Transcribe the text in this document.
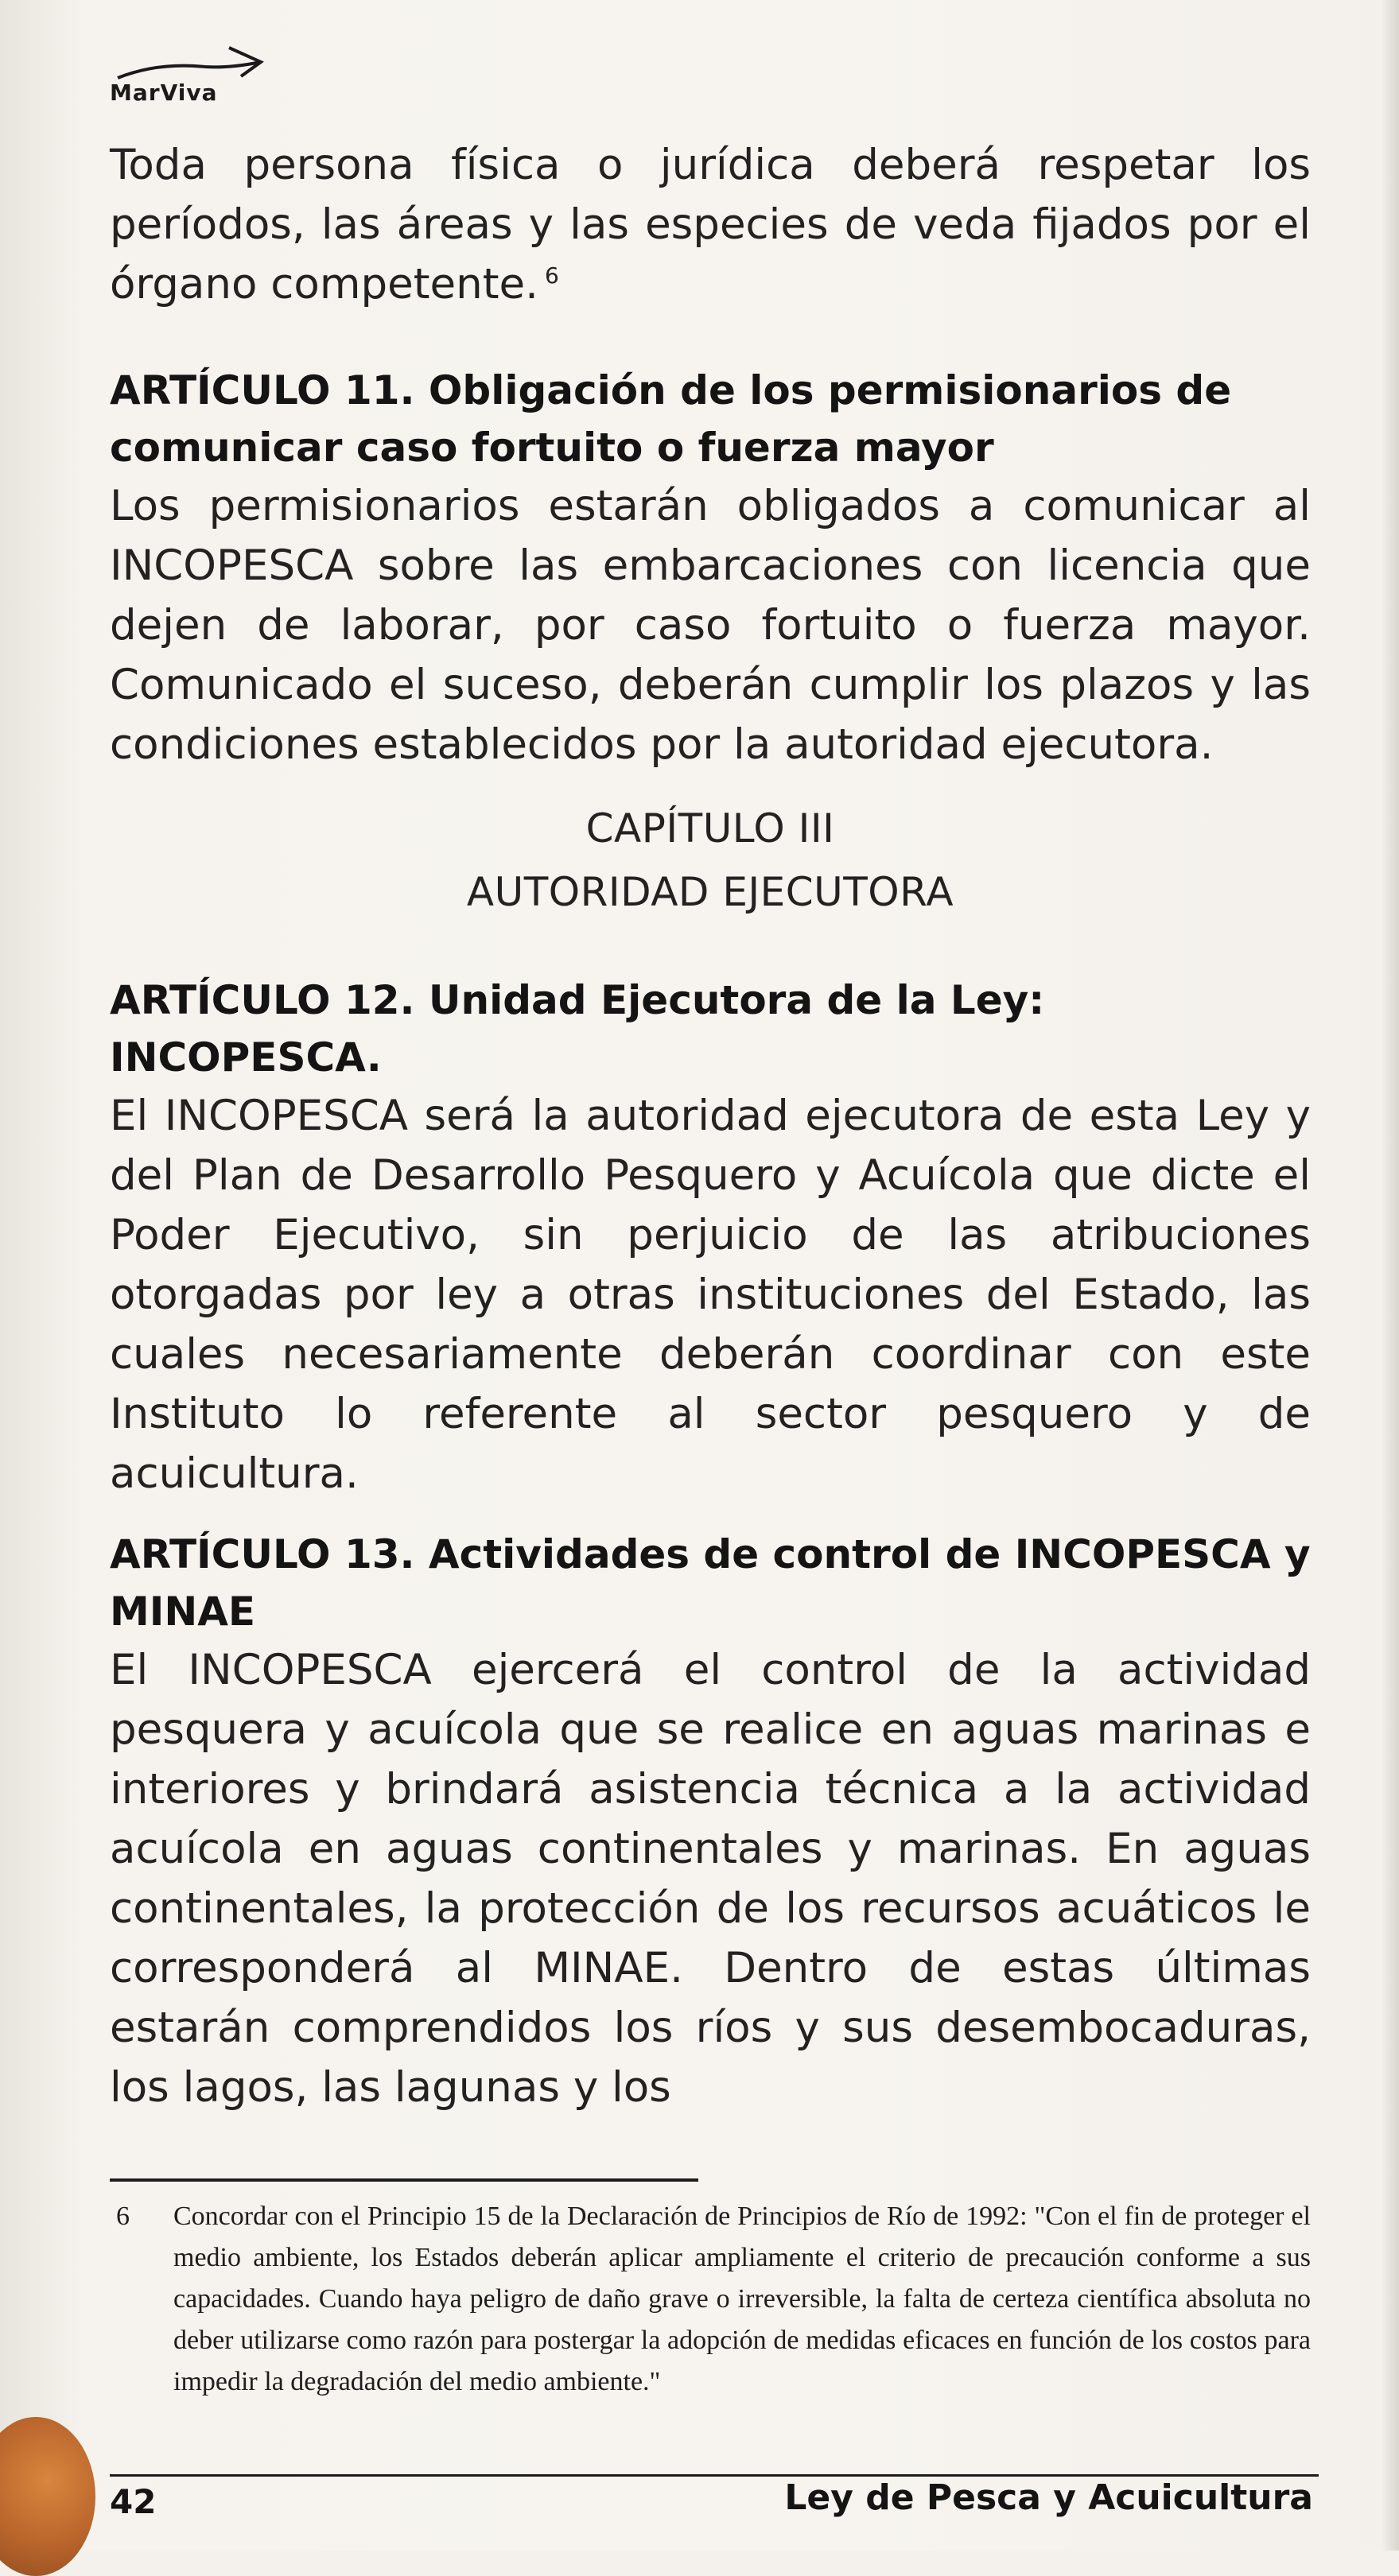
MarViva

Toda persona física o jurídica deberá respetar los períodos, las áreas y las especies de veda fijados por el órgano competente. $^6$

ARTÍCULO 11. Obligación de los permisionarios de comunicar caso fortuito o fuerza mayor

Los permisionarios estarán obligados a comunicar al INCOPESCA sobre las embarcaciones con licencia que dejen de laborar, por caso fortuito o fuerza mayor. Comunicado el suceso, deberán cumplir los plazos y las condiciones establecidos por la autoridad ejecutora.

CAPÍTULO III

AUTORIDAD EJECUTORA

ARTÍCULO 12. Unidad Ejecutora de la Ley: INCOPESCA.

El INCOPESCA será la autoridad ejecutora de esta Ley y del Plan de Desarrollo Pesquero y Acuícola que dicte el Poder Ejecutivo, sin perjuicio de las atribuciones otorgadas por ley a otras instituciones del Estado, las cuales necesariamente deberán coordinar con este Instituto lo referente al sector pesquero y de acuicultura.

ARTÍCULO 13. Actividades de control de INCOPESCA y MINAE

El INCOPESCA ejercerá el control de la actividad pesquera y acuícola que se realice en aguas marinas e interiores y brindará asistencia técnica a la actividad acuícola en aguas continentales y marinas. En aguas continentales, la protección de los recursos acuáticos le corresponderá al MINAE. Dentro de estas últimas estarán comprendidos los ríos y sus desembocaduras, los lagos, las lagunas y los

6 Concordar con el Principio 15 de la Declaración de Principios de Río de 1992: "Con el fin de proteger el medio ambiente, los Estados deberán aplicar ampliamente el criterio de precaución conforme a sus capacidades. Cuando haya peligro de daño grave o irreversible, la falta de certeza científica absoluta no deber utilizarse como razón para postergar la adopción de medidas eficaces en función de los costos para impedir la degradación del medio ambiente."
42	Ley de Pesca y Acuicultura
